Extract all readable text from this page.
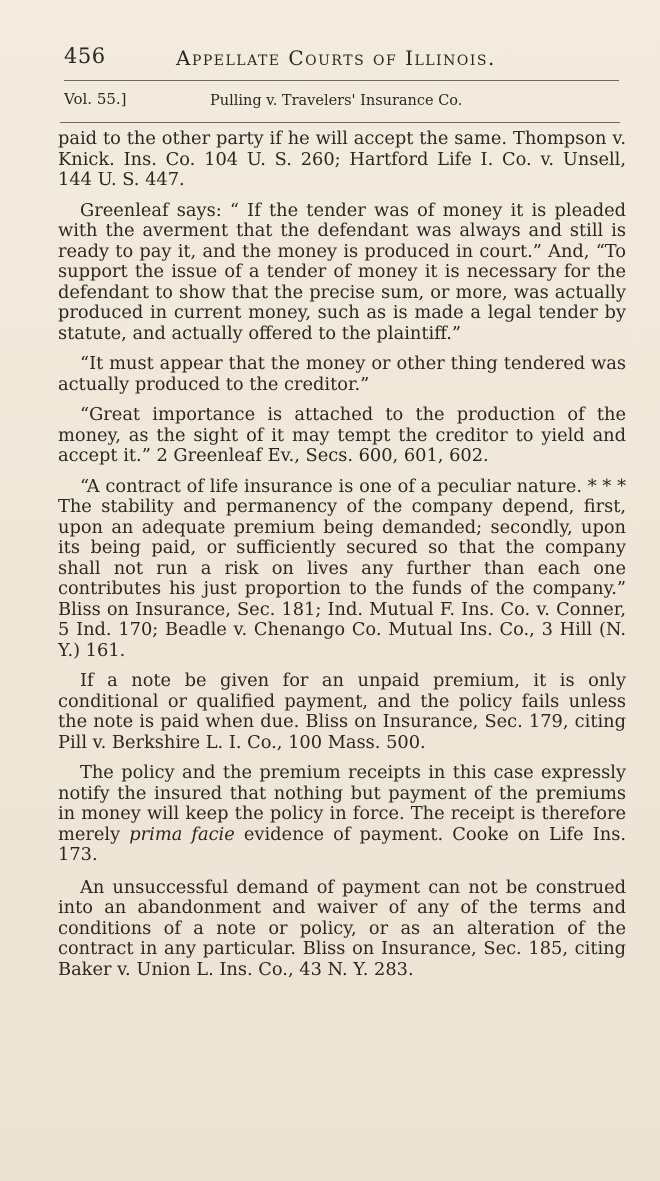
456	Appellate Courts of Illinois.
Vol. 55.]	Pulling v. Travelers' Insurance Co.

paid to the other party if he will accept the same. Thompson v. Knick. Ins. Co. 104 U. S. 260; Hartford Life I. Co. v. Unsell, 144 U. S. 447.

Greenleaf says: “ If the tender was of money it is pleaded with the averment that the defendant was always and still is ready to pay it, and the money is produced in court.” And, “To support the issue of a tender of money it is necessary for the defendant to show that the precise sum, or more, was actually produced in current money, such as is made a legal tender by statute, and actually offered to the plaintiff.”

“It must appear that the money or other thing tendered was actually produced to the creditor.”

“Great importance is attached to the production of the money, as the sight of it may tempt the creditor to yield and accept it.” 2 Greenleaf Ev., Secs. 600, 601, 602.

“A contract of life insurance is one of a peculiar nature. * * * The stability and permanency of the company depend, first, upon an adequate premium being demanded; secondly, upon its being paid, or sufficiently secured so that the company shall not run a risk on lives any further than each one contributes his just proportion to the funds of the company.” Bliss on Insurance, Sec. 181; Ind. Mutual F. Ins. Co. v. Conner, 5 Ind. 170; Beadle v. Chenango Co. Mutual Ins. Co., 3 Hill (N. Y.) 161.

If a note be given for an unpaid premium, it is only conditional or qualified payment, and the policy fails unless the note is paid when due. Bliss on Insurance, Sec. 179, citing Pill v. Berkshire L. I. Co., 100 Mass. 500.

The policy and the premium receipts in this case expressly notify the insured that nothing but payment of the premiums in money will keep the policy in force. The receipt is therefore merely prima facie evidence of payment. Cooke on Life Ins. 173.

An unsuccessful demand of payment can not be construed into an abandonment and waiver of any of the terms and conditions of a note or policy, or as an alteration of the contract in any particular. Bliss on Insurance, Sec. 185, citing Baker v. Union L. Ins. Co., 43 N. Y. 283.
